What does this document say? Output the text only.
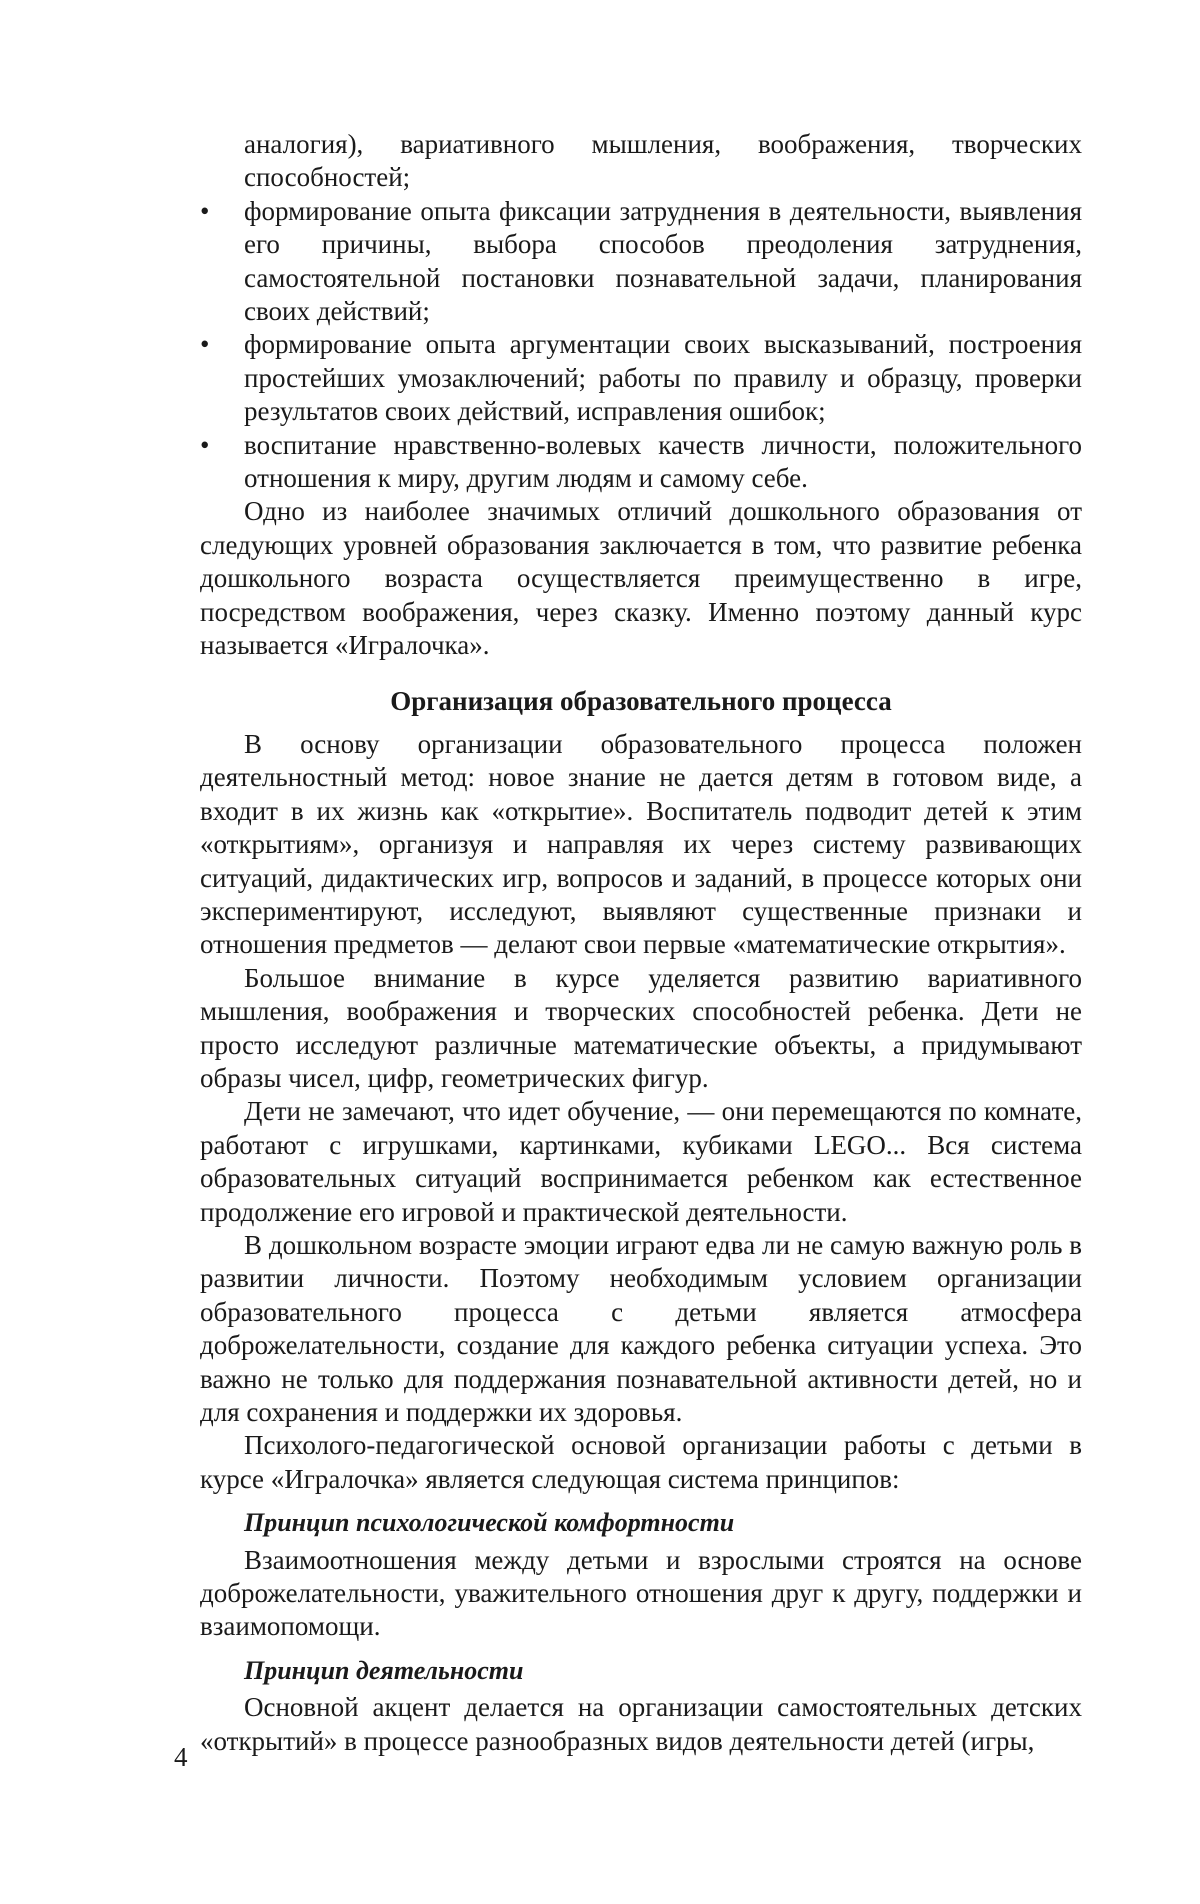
аналогия), вариативного мышления, воображения, творческих способностей;
•	формирование опыта фиксации затруднения в деятельности, выявления его причины, выбора способов преодоления затруднения, самостоятельной постановки познавательной задачи, планирования своих действий;
•	формирование опыта аргументации своих высказываний, построения простейших умозаключений; работы по правилу и образцу, проверки результатов своих действий, исправления ошибок;
•	воспитание нравственно-волевых качеств личности, положительного отношения к миру, другим людям и самому себе.

Одно из наиболее значимых отличий дошкольного образования от следующих уровней образования заключается в том, что развитие ребенка дошкольного возраста осуществляется преимущественно в игре, посредством воображения, через сказку. Именно поэтому данный курс называется «Игралочка».

Организация образовательного процесса

В основу организации образовательного процесса положен деятельностный метод: новое знание не дается детям в готовом виде, а входит в их жизнь как «открытие». Воспитатель подводит детей к этим «открытиям», организуя и направляя их через систему развивающих ситуаций, дидактических игр, вопросов и заданий, в процессе которых они экспериментируют, исследуют, выявляют существенные признаки и отношения предметов — делают свои первые «математические открытия».

Большое внимание в курсе уделяется развитию вариативного мышления, воображения и творческих способностей ребенка. Дети не просто исследуют различные математические объекты, а придумывают образы чисел, цифр, геометрических фигур.

Дети не замечают, что идет обучение, — они перемещаются по комнате, работают с игрушками, картинками, кубиками LEGO... Вся система образовательных ситуаций воспринимается ребенком как естественное продолжение его игровой и практической деятельности.

В дошкольном возрасте эмоции играют едва ли не самую важную роль в развитии личности. Поэтому необходимым условием организации образовательного процесса с детьми является атмосфера доброжелательности, создание для каждого ребенка ситуации успеха. Это важно не только для поддержания познавательной активности детей, но и для сохранения и поддержки их здоровья.

Психолого-педагогической основой организации работы с детьми в курсе «Игралочка» является следующая система принципов:

Принцип психологической комфортности

Взаимоотношения между детьми и взрослыми строятся на основе доброжелательности, уважительного отношения друг к другу, поддержки и взаимопомощи.

Принцип деятельности

Основной акцент делается на организации самостоятельных детских «открытий» в процессе разнообразных видов деятельности детей (игры,

4
